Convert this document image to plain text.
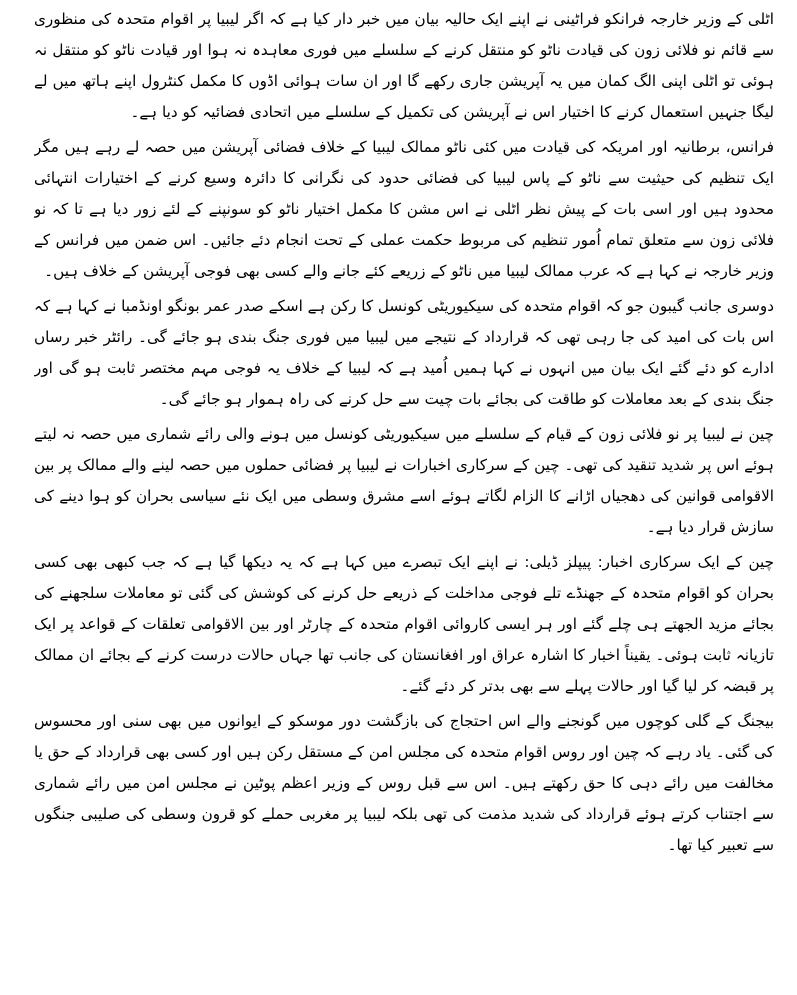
اٹلی کے وزیر خارجہ فرانکو فراٹینی نے اپنے ایک حالیہ بیان میں خبر دار کیا ہے کہ اگر لیبیا پر اقوام متحدہ کی منظوری سے قائم نو فلائی زون کی قیادت ناٹو کو منتقل کرنے کے سلسلے میں فوری معاہدہ نہ ہوا اور قیادت ناٹو کو منتقل نہ ہوئی تو اٹلی اپنی الگ کمان میں یہ آپریشن جاری رکھے گا اور ان سات ہوائی اڈوں کا مکمل کنٹرول اپنے ہاتھ میں لے لیگا جنہیں استعمال کرنے کا اختیار اس نے آپریشن کی تکمیل کے سلسلے میں اتحادی فضائیہ کو دیا ہے۔

فرانس، برطانیہ اور امریکہ کی قیادت میں کئی ناٹو ممالک لیبیا کے خلاف فضائی آپریشن میں حصہ لے رہے ہیں مگر ایک تنظیم کی حیثیت سے ناٹو کے پاس لیبیا کی فضائی حدود کی نگرانی کا دائرہ وسیع کرنے کے اختیارات انتہائی محدود ہیں اور اسی بات کے پیش نظر اٹلی نے اس مشن کا مکمل اختیار ناٹو کو سونپنے کے لئے زور دیا ہے تا کہ نو فلائی زون سے متعلق تمام اُمور تنظیم کی مربوط حکمت عملی کے تحت انجام دئے جائیں۔ اس ضمن میں فرانس کے وزیر خارجہ نے کہا ہے کہ عرب ممالک لیبیا میں ناٹو کے زریعے کئے جانے والے کسی بھی فوجی آپریشن کے خلاف ہیں۔

دوسری جانب گیبون جو کہ اقوام متحدہ کی سیکیوریٹی کونسل کا رکن ہے اسکے صدر عمر بونگو اونڈمبا نے کہا ہے کہ اس بات کی امید کی جا رہی تھی کہ قرارداد کے نتیجے میں لیبیا میں فوری جنگ بندی ہو جائے گی۔ رائٹر خبر رساں ادارے کو دئے گئے ایک بیان میں انہوں نے کہا ہمیں اُمید ہے کہ لیبیا کے خلاف یہ فوجی مہم مختصر ثابت ہو گی اور جنگ بندی کے بعد معاملات کو طاقت کی بجائے بات چیت سے حل کرنے کی راہ ہموار ہو جائے گی۔

چین نے لیبیا پر نو فلائی زون کے قیام کے سلسلے میں سیکیوریٹی کونسل میں ہونے والی رائے شماری میں حصہ نہ لیتے ہوئے اس پر شدید تنقید کی تھی۔ چین کے سرکاری اخبارات نے لیبیا پر فضائی حملوں میں حصہ لینے والے ممالک پر بین الاقوامی قوانین کی دھجیاں اڑانے کا الزام لگاتے ہوئے اسے مشرق وسطی میں ایک نئے سیاسی بحران کو ہوا دینے کی سازش قرار دیا ہے۔

چین کے ایک سرکاری اخبار: پیپلز ڈیلی: نے اپنے ایک تبصرے میں کہا ہے کہ یہ دیکھا گیا ہے کہ جب کبھی بھی کسی بحران کو اقوام متحدہ کے جھنڈے تلے فوجی مداخلت کے ذریعے حل کرنے کی کوشش کی گئی تو معاملات سلجھنے کی بجائے مزید الجھتے ہی چلے گئے اور ہر ایسی کاروائی اقوام متحدہ کے چارٹر اور بین الاقوامی تعلقات کے قواعد پر ایک تازیانہ ثابت ہوئی۔ یقیناً اخبار کا اشارہ عراق اور افغانستان کی جانب تھا جہاں حالات درست کرنے کے بجائے ان ممالک پر قبضہ کر لیا گیا اور حالات پہلے سے بھی بدتر کر دئے گئے۔

بیجنگ کے گلی کوچوں میں گونجنے والے اس احتجاج کی بازگشت دور موسکو کے ایوانوں میں بھی سنی اور محسوس کی گئی۔ یاد رہے کہ چین اور روس اقوام متحدہ کی مجلس امن کے مستقل رکن ہیں اور کسی بھی قرارداد کے حق یا مخالفت میں رائے دہی کا حق رکھتے ہیں۔ اس سے قبل روس کے وزیر اعظم پوٹین نے مجلس امن میں رائے شماری سے اجتناب کرتے ہوئے قرارداد کی شدید مذمت کی تھی بلکہ لیبیا پر مغربی حملے کو قرون وسطی کی صلیبی جنگوں سے تعبیر کیا تھا۔
